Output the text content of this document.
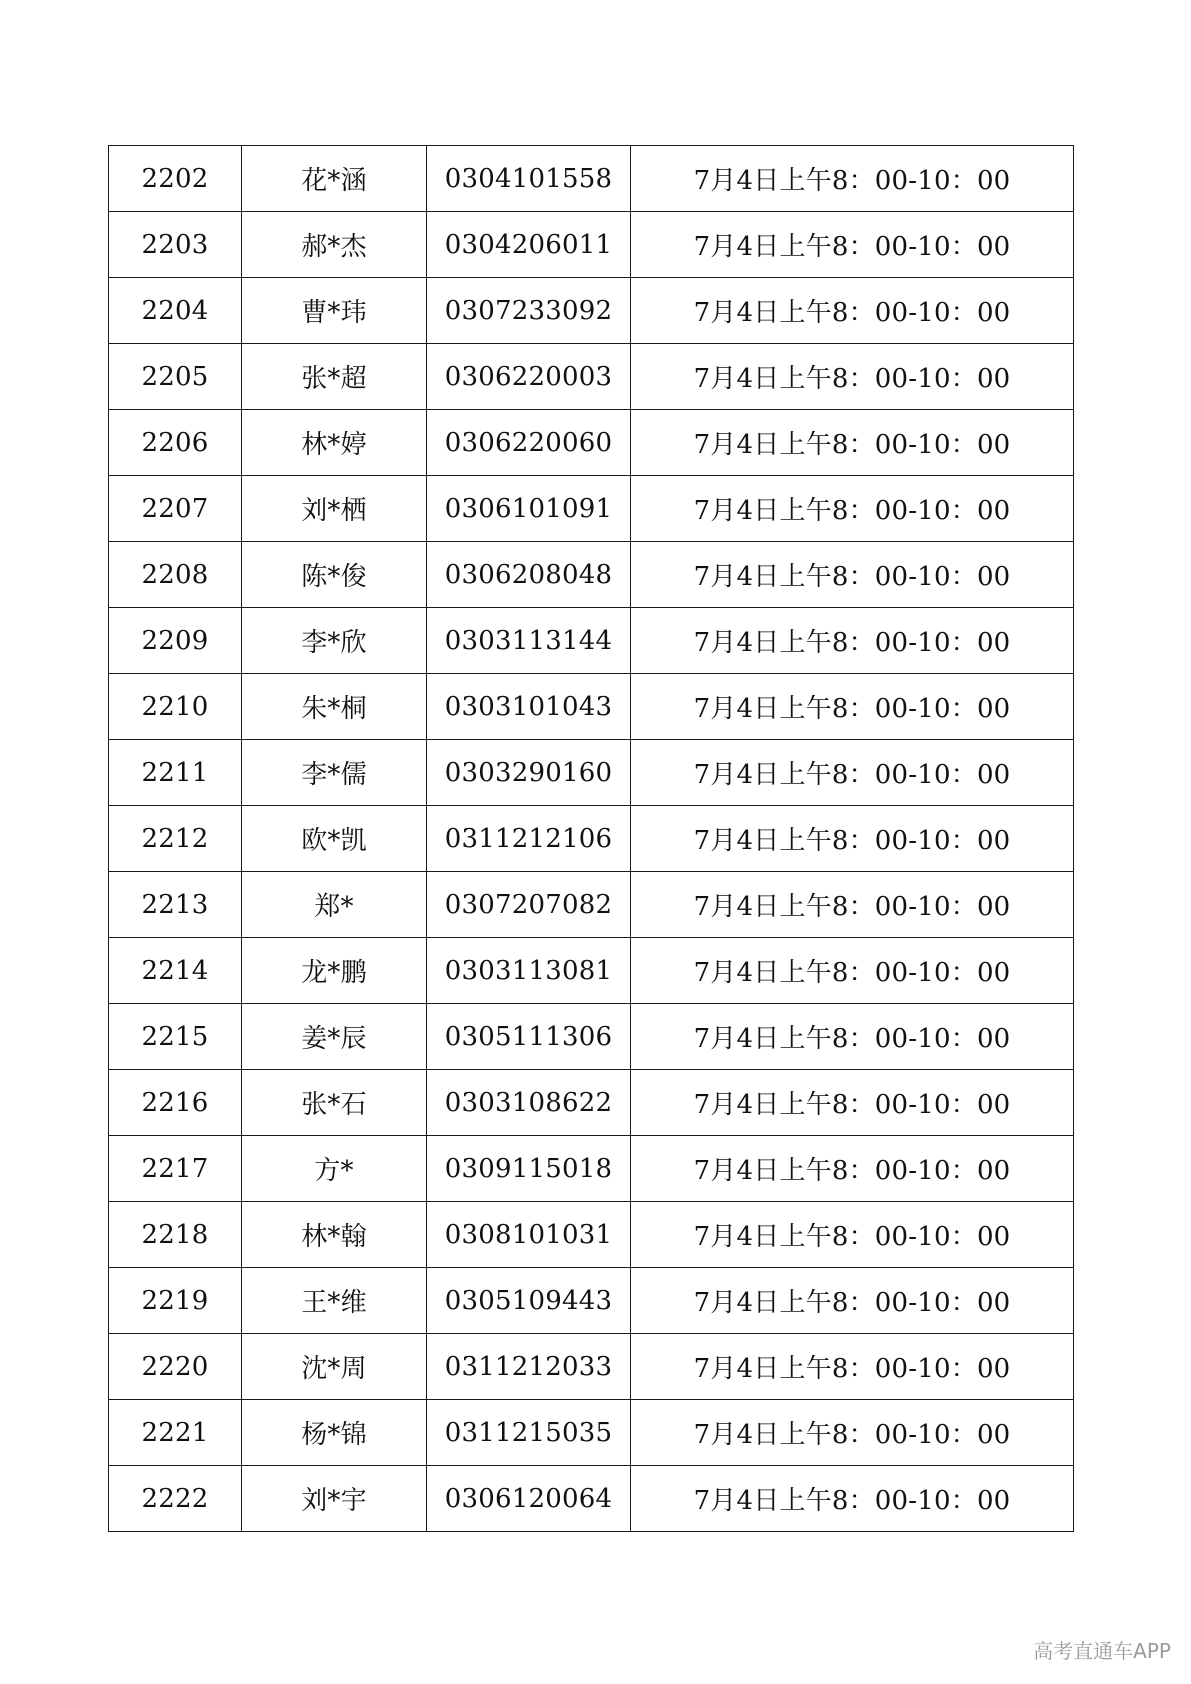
2202	花*涵	0304101558	7月4日上午8：00-10：00
2203	郝*杰	0304206011	7月4日上午8：00-10：00
2204	曹*玮	0307233092	7月4日上午8：00-10：00
2205	张*超	0306220003	7月4日上午8：00-10：00
2206	林*婷	0306220060	7月4日上午8：00-10：00
2207	刘*栖	0306101091	7月4日上午8：00-10：00
2208	陈*俊	0306208048	7月4日上午8：00-10：00
2209	李*欣	0303113144	7月4日上午8：00-10：00
2210	朱*桐	0303101043	7月4日上午8：00-10：00
2211	李*儒	0303290160	7月4日上午8：00-10：00
2212	欧*凯	0311212106	7月4日上午8：00-10：00
2213	郑*	0307207082	7月4日上午8：00-10：00
2214	龙*鹏	0303113081	7月4日上午8：00-10：00
2215	姜*辰	0305111306	7月4日上午8：00-10：00
2216	张*石	0303108622	7月4日上午8：00-10：00
2217	方*	0309115018	7月4日上午8：00-10：00
2218	林*翰	0308101031	7月4日上午8：00-10：00
2219	王*维	0305109443	7月4日上午8：00-10：00
2220	沈*周	0311212033	7月4日上午8：00-10：00
2221	杨*锦	0311215035	7月4日上午8：00-10：00
2222	刘*宇	0306120064	7月4日上午8：00-10：00
高考直通车APP
